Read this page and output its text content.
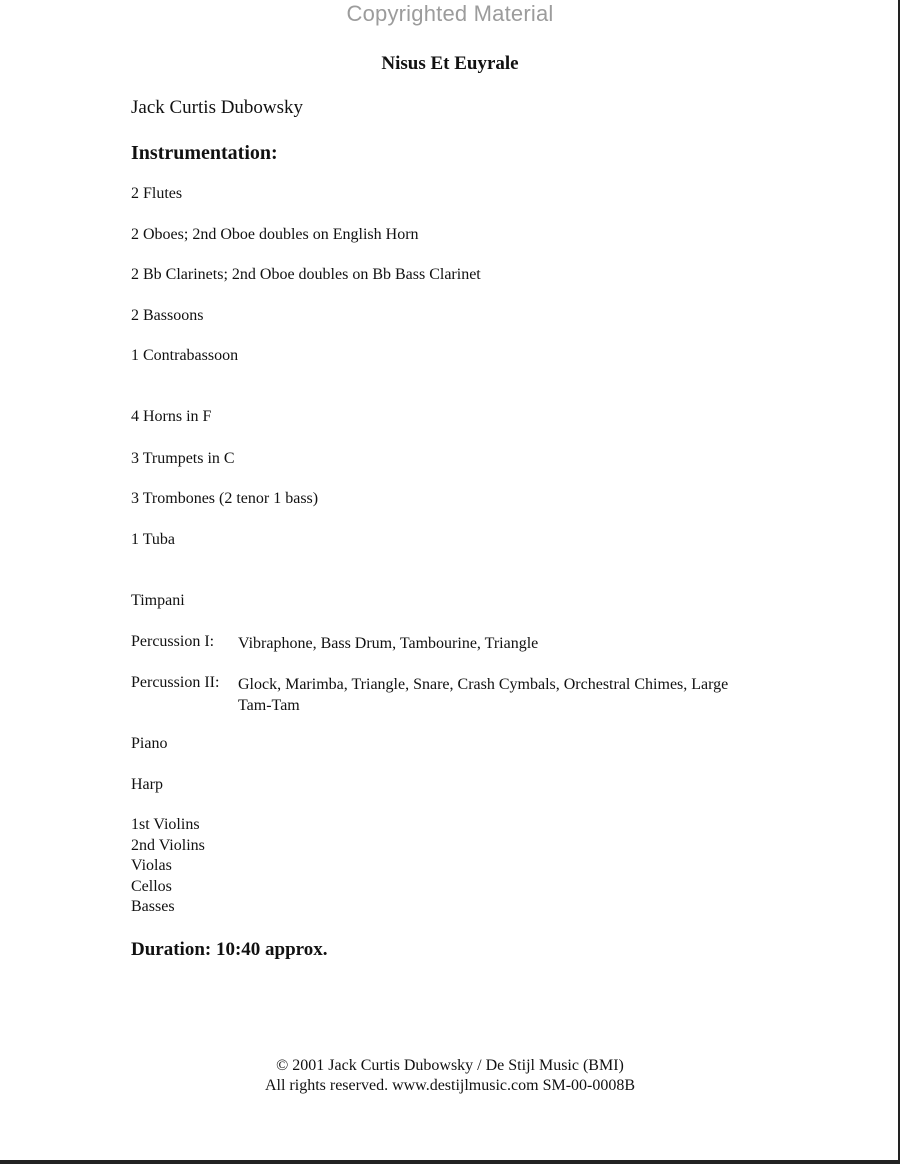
Copyrighted Material
Nisus Et Euyrale
Jack Curtis Dubowsky
Instrumentation:
2 Flutes
2 Oboes; 2nd Oboe doubles on English Horn
2 Bb Clarinets; 2nd Oboe doubles on Bb Bass Clarinet
2 Bassoons
1 Contrabassoon
4 Horns in F
3 Trumpets in C
3 Trombones (2 tenor 1 bass)
1 Tuba
Timpani
Percussion I: Vibraphone, Bass Drum, Tambourine, Triangle
Percussion II: Glock, Marimba, Triangle, Snare, Crash Cymbals, Orchestral Chimes, Large Tam-Tam
Piano
Harp
1st Violins
2nd Violins
Violas
Cellos
Basses
Duration: 10:40 approx.
© 2001 Jack Curtis Dubowsky / De Stijl Music (BMI)
All rights reserved. www.destijlmusic.com SM-00-0008B
